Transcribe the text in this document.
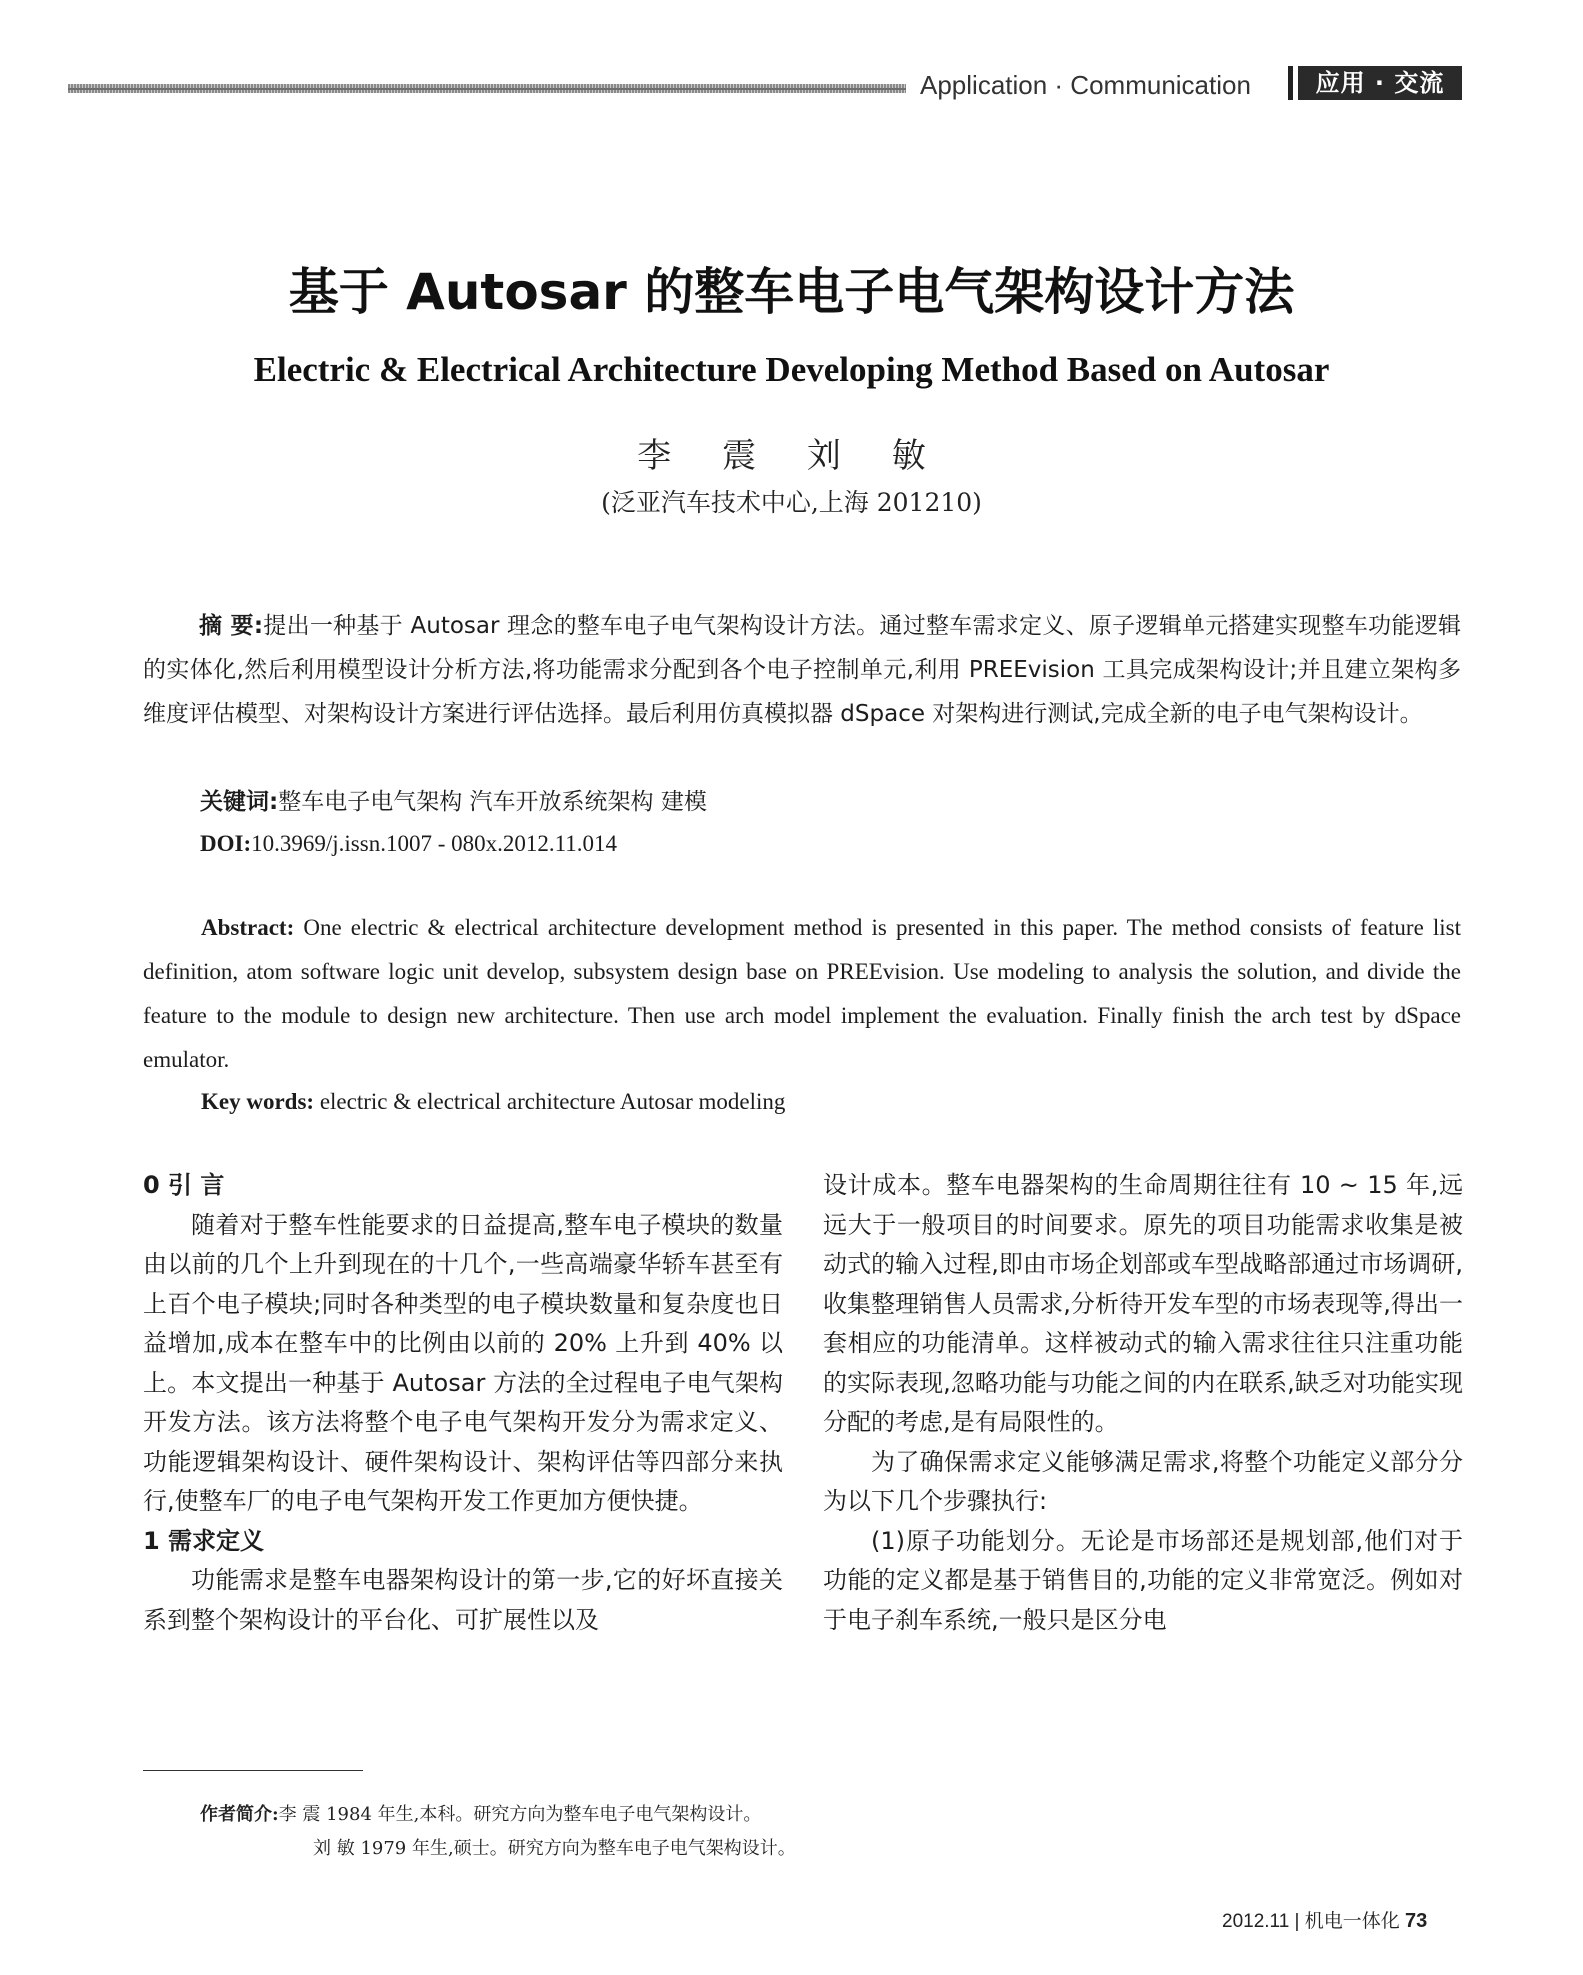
Application · Communication	应用 · 交流
基于 Autosar 的整车电子电气架构设计方法
Electric & Electrical Architecture Developing Method Based on Autosar
李 震 刘 敏
(泛亚汽车技术中心,上海 201210)
摘 要:提出一种基于 Autosar 理念的整车电子电气架构设计方法。通过整车需求定义、原子逻辑单元搭建实现整车功能逻辑的实体化,然后利用模型设计分析方法,将功能需求分配到各个电子控制单元,利用 PREEvision 工具完成架构设计;并且建立架构多维度评估模型、对架构设计方案进行评估选择。最后利用仿真模拟器 dSpace 对架构进行测试,完成全新的电子电气架构设计。
关键词:整车电子电气架构 汽车开放系统架构 建模
DOI:10.3969/j.issn.1007 - 080x.2012.11.014
Abstract: One electric & electrical architecture development method is presented in this paper. The method consists of feature list definition, atom software logic unit develop, subsystem design base on PREEvision. Use modeling to analysis the solution, and divide the feature to the module to design new architecture. Then use arch model implement the evaluation. Finally finish the arch test by dSpace emulator.
Key words: electric & electrical architecture Autosar modeling

0 引 言

随着对于整车性能要求的日益提高,整车电子模块的数量由以前的几个上升到现在的十几个,一些高端豪华轿车甚至有上百个电子模块;同时各种类型的电子模块数量和复杂度也日益增加,成本在整车中的比例由以前的 20% 上升到 40% 以上。本文提出一种基于 Autosar 方法的全过程电子电气架构开发方法。该方法将整个电子电气架构开发分为需求定义、功能逻辑架构设计、硬件架构设计、架构评估等四部分来执行,使整车厂的电子电气架构开发工作更加方便快捷。

1 需求定义

功能需求是整车电器架构设计的第一步,它的好坏直接关系到整个架构设计的平台化、可扩展性以及

设计成本。整车电器架构的生命周期往往有 10 ~ 15 年,远远大于一般项目的时间要求。原先的项目功能需求收集是被动式的输入过程,即由市场企划部或车型战略部通过市场调研,收集整理销售人员需求,分析待开发车型的市场表现等,得出一套相应的功能清单。这样被动式的输入需求往往只注重功能的实际表现,忽略功能与功能之间的内在联系,缺乏对功能实现分配的考虑,是有局限性的。

为了确保需求定义能够满足需求,将整个功能定义部分分为以下几个步骤执行:

(1)原子功能划分。无论是市场部还是规划部,他们对于功能的定义都是基于销售目的,功能的定义非常宽泛。例如对于电子刹车系统,一般只是区分电

作者简介:李 震 1984 年生,本科。研究方向为整车电子电气架构设计。
刘 敏 1979 年生,硕士。研究方向为整车电子电气架构设计。
2012.11 | 机电一体化 73
